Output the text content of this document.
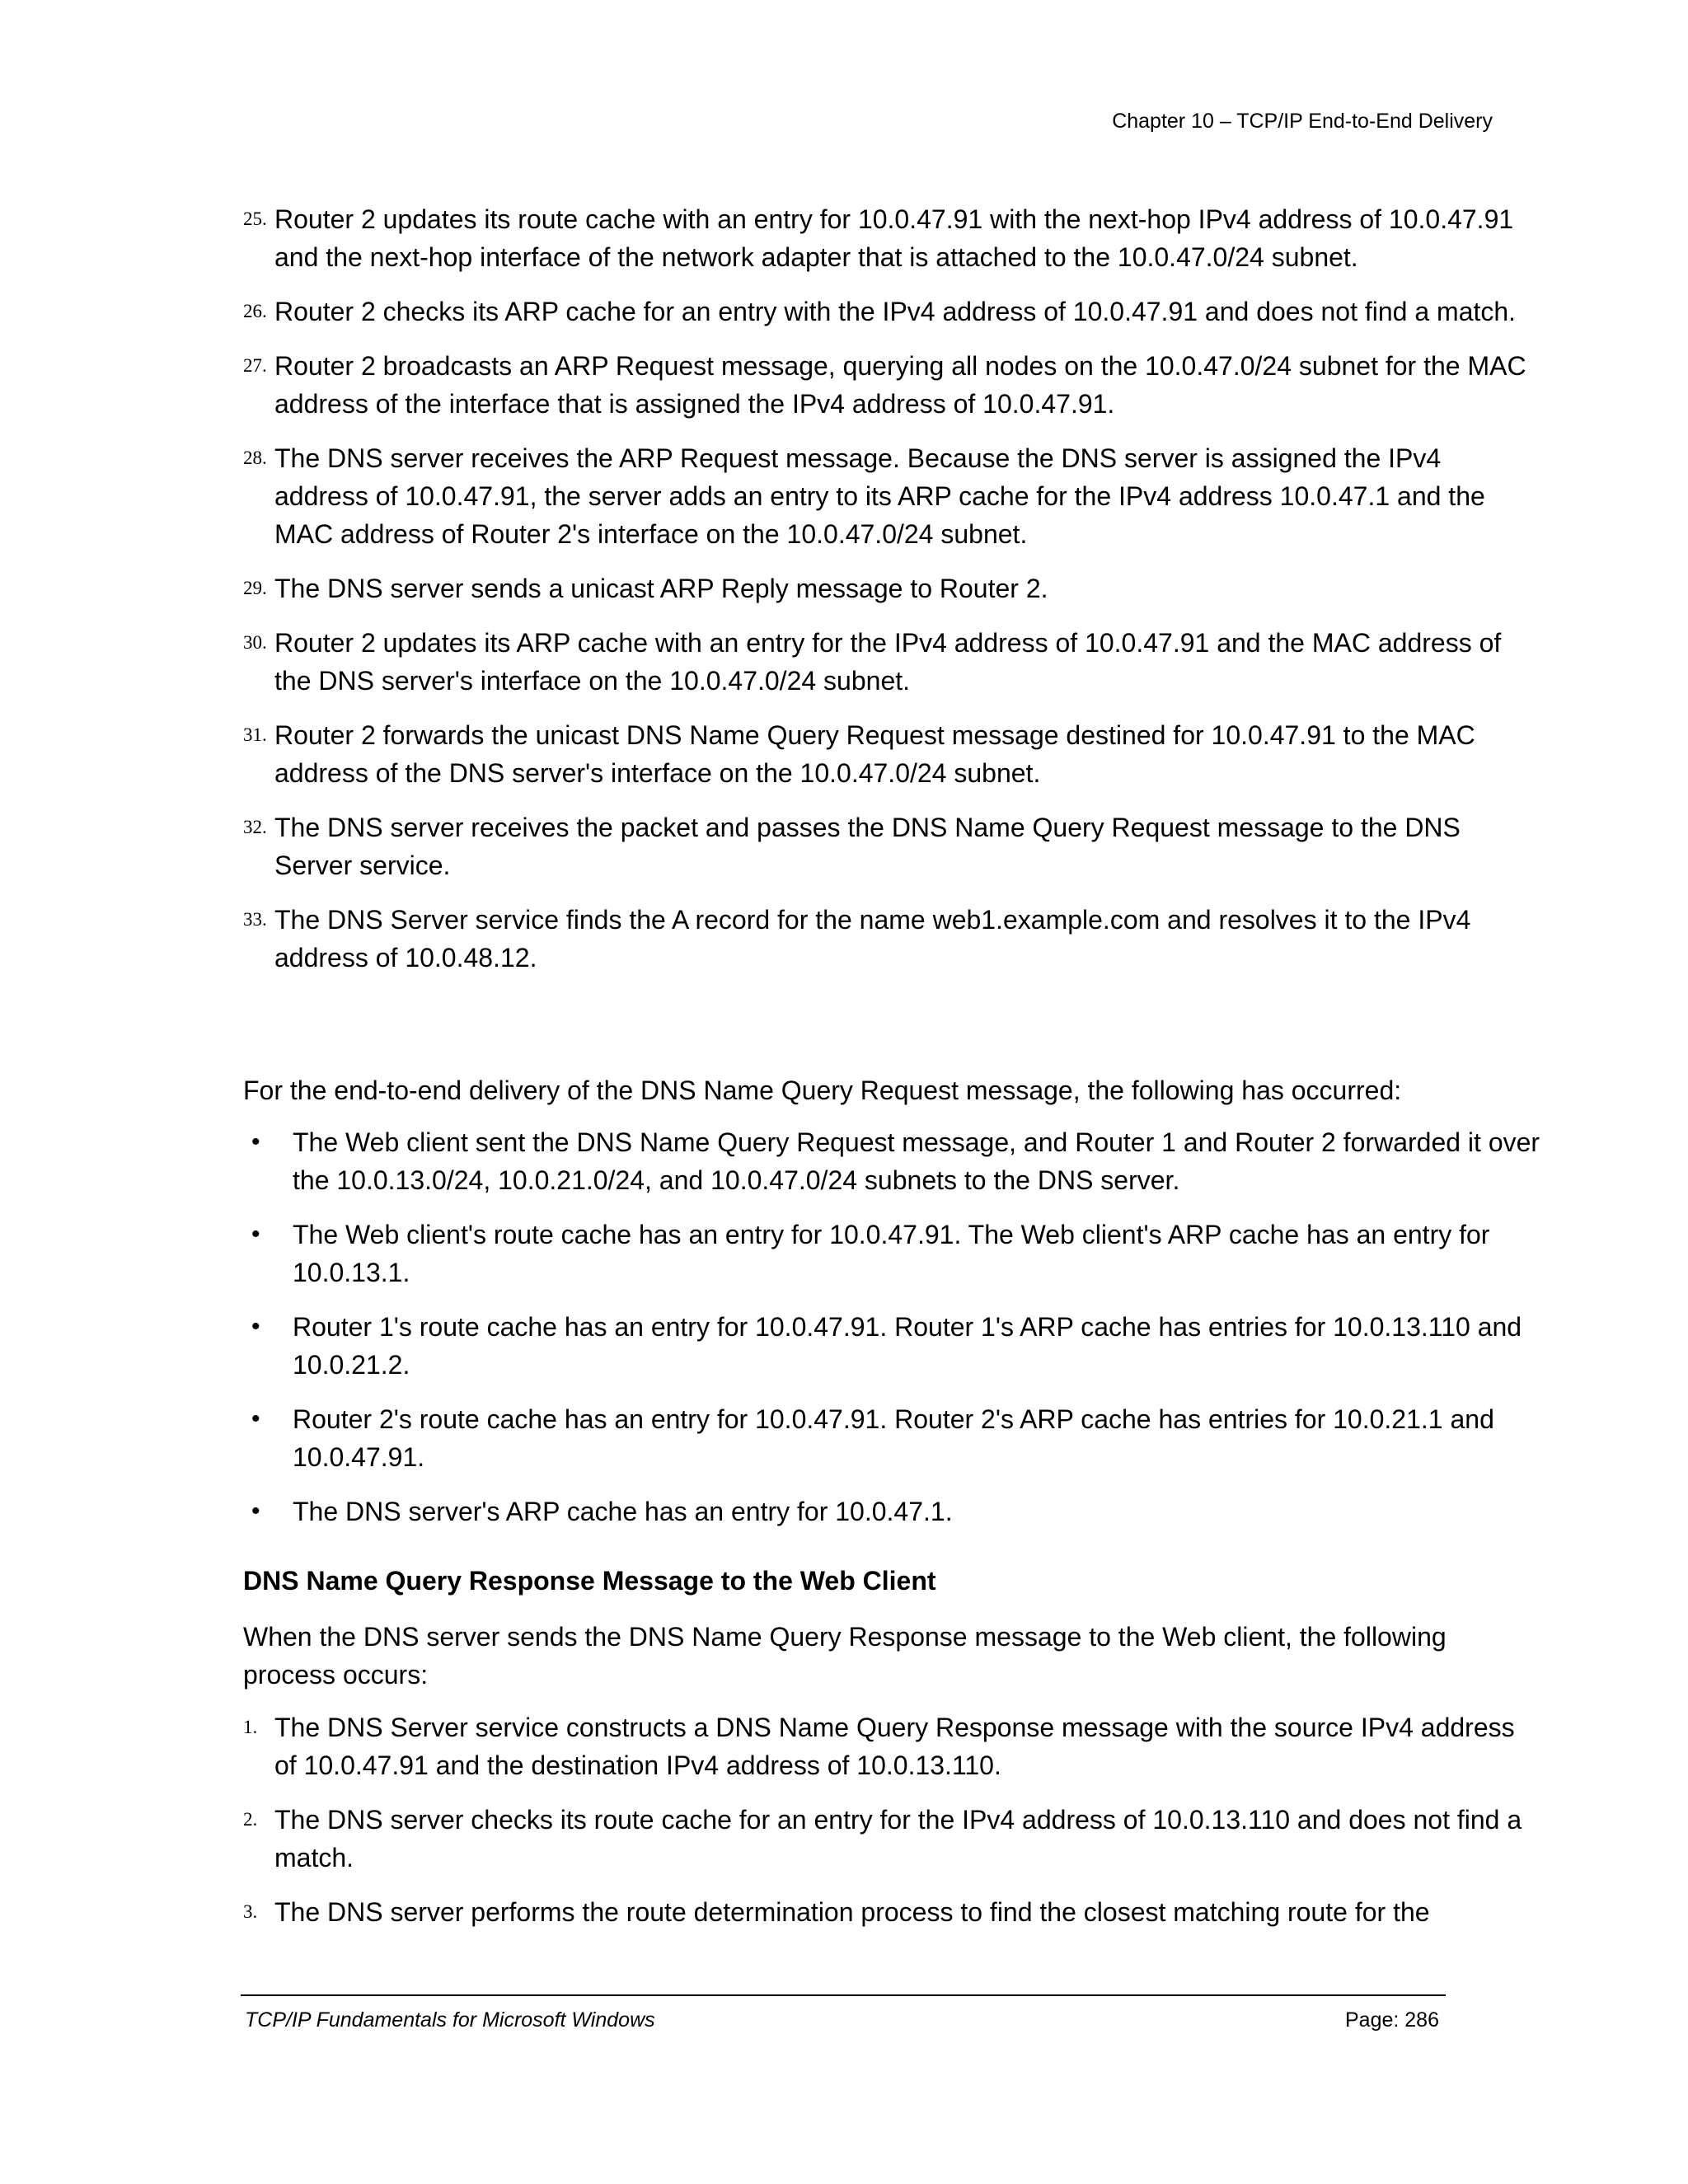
Chapter 10 – TCP/IP End-to-End Delivery
25. Router 2 updates its route cache with an entry for 10.0.47.91 with the next-hop IPv4 address of 10.0.47.91 and the next-hop interface of the network adapter that is attached to the 10.0.47.0/24 subnet.
26. Router 2 checks its ARP cache for an entry with the IPv4 address of 10.0.47.91 and does not find a match.
27. Router 2 broadcasts an ARP Request message, querying all nodes on the 10.0.47.0/24 subnet for the MAC address of the interface that is assigned the IPv4 address of 10.0.47.91.
28. The DNS server receives the ARP Request message. Because the DNS server is assigned the IPv4 address of 10.0.47.91, the server adds an entry to its ARP cache for the IPv4 address 10.0.47.1 and the MAC address of Router 2's interface on the 10.0.47.0/24 subnet.
29. The DNS server sends a unicast ARP Reply message to Router 2.
30. Router 2 updates its ARP cache with an entry for the IPv4 address of 10.0.47.91 and the MAC address of the DNS server's interface on the 10.0.47.0/24 subnet.
31. Router 2 forwards the unicast DNS Name Query Request message destined for 10.0.47.91 to the MAC address of the DNS server's interface on the 10.0.47.0/24 subnet.
32. The DNS server receives the packet and passes the DNS Name Query Request message to the DNS Server service.
33. The DNS Server service finds the A record for the name web1.example.com and resolves it to the IPv4 address of 10.0.48.12.

For the end-to-end delivery of the DNS Name Query Request message, the following has occurred:

• The Web client sent the DNS Name Query Request message, and Router 1 and Router 2 forwarded it over the 10.0.13.0/24, 10.0.21.0/24, and 10.0.47.0/24 subnets to the DNS server.
• The Web client's route cache has an entry for 10.0.47.91. The Web client's ARP cache has an entry for 10.0.13.1.
• Router 1's route cache has an entry for 10.0.47.91. Router 1's ARP cache has entries for 10.0.13.110 and 10.0.21.2.
• Router 2's route cache has an entry for 10.0.47.91. Router 2's ARP cache has entries for 10.0.21.1 and 10.0.47.91.
• The DNS server's ARP cache has an entry for 10.0.47.1.
DNS Name Query Response Message to the Web Client

When the DNS server sends the DNS Name Query Response message to the Web client, the following process occurs:

1. The DNS Server service constructs a DNS Name Query Response message with the source IPv4 address of 10.0.47.91 and the destination IPv4 address of 10.0.13.110.
2. The DNS server checks its route cache for an entry for the IPv4 address of 10.0.13.110 and does not find a match.
3. The DNS server performs the route determination process to find the closest matching route for the
TCP/IP Fundamentals for Microsoft Windows	Page: 286
